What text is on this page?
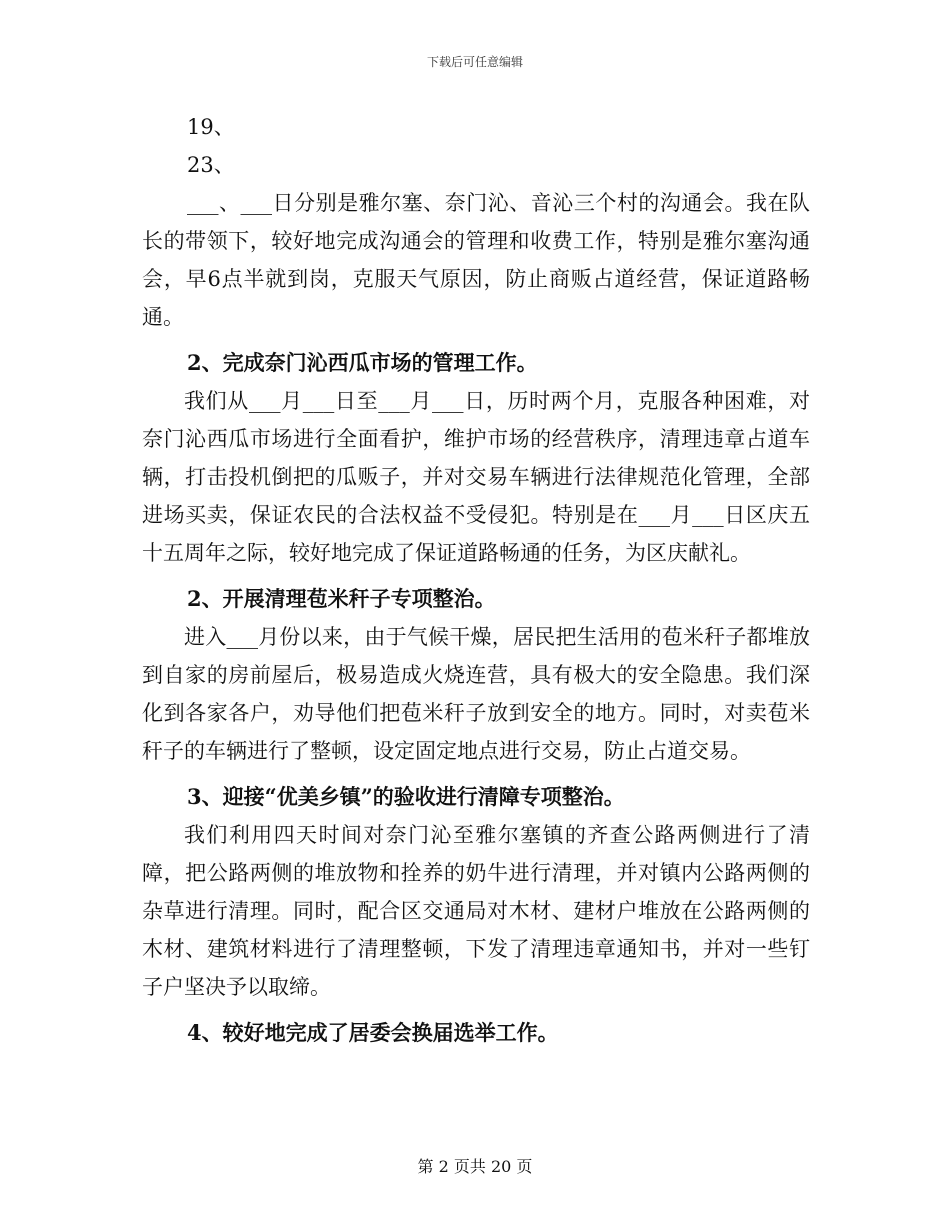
下载后可任意编辑

19、

23、

___、___日分别是雅尔塞、奈门沁、音沁三个村的沟通会。我在队长的带领下，较好地完成沟通会的管理和收费工作，特别是雅尔塞沟通会，早6点半就到岗，克服天气原因，防止商贩占道经营，保证道路畅通。

2、完成奈门沁西瓜市场的管理工作。

我们从___月___日至___月___日，历时两个月，克服各种困难，对奈门沁西瓜市场进行全面看护，维护市场的经营秩序，清理违章占道车辆，打击投机倒把的瓜贩子，并对交易车辆进行法律规范化管理，全部进场买卖，保证农民的合法权益不受侵犯。特别是在___月___日区庆五十五周年之际，较好地完成了保证道路畅通的任务，为区庆献礼。

2、开展清理苞米秆子专项整治。

进入___月份以来，由于气候干燥，居民把生活用的苞米秆子都堆放到自家的房前屋后，极易造成火烧连营，具有极大的安全隐患。我们深化到各家各户，劝导他们把苞米秆子放到安全的地方。同时，对卖苞米秆子的车辆进行了整顿，设定固定地点进行交易，防止占道交易。

3、迎接“优美乡镇”的验收进行清障专项整治。

我们利用四天时间对奈门沁至雅尔塞镇的齐查公路两侧进行了清障，把公路两侧的堆放物和拴养的奶牛进行清理，并对镇内公路两侧的杂草进行清理。同时，配合区交通局对木材、建材户堆放在公路两侧的木材、建筑材料进行了清理整顿，下发了清理违章通知书，并对一些钉子户坚决予以取缔。

4、较好地完成了居委会换届选举工作。

第 2 页共 20 页
